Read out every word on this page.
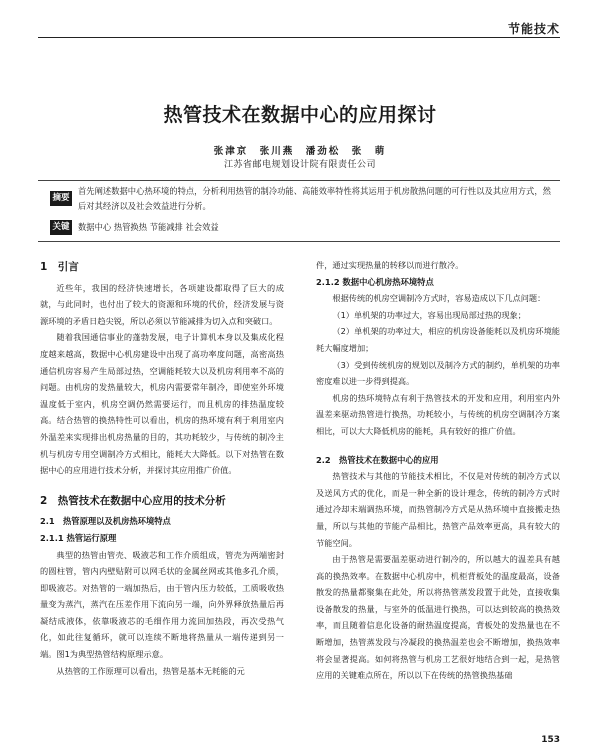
节能技术
热管技术在数据中心的应用探讨
张津京　张川燕　潘劲松　张　萌
江苏省邮电规划设计院有限责任公司
摘要
首先阐述数据中心热环境的特点，分析利用热管的制冷功能、高能效率特性将其运用于机房散热问题的可行性以及其应用方式，然后对其经济以及社会效益进行分析。
关键词
数据中心 热管换热 节能减排 社会效益
1　引言
近些年，我国的经济快速增长，各项建设都取得了巨大的成就，与此同时，也付出了较大的资源和环境的代价，经济发展与资源环境的矛盾日趋尖锐，所以必须以节能减排为切入点和突破口。
随着我国通信事业的蓬勃发展，电子计算机本身以及集成化程度越来越高，数据中心机房建设中出现了高功率度问题，高密高热通信机房容易产生局部过热，空调能耗较大以及机房利用率不高的问题。由机房的发热量较大，机房内需要常年制冷，即使室外环境温度低于室内，机房空调仍然需要运行，而且机房的排热温度较高。结合热管的换热特性可以看出，机房的热环境有利于利用室内外温差来实现排出机房热量的目的，其功耗较少，与传统的制冷主机与机房专用空调制冷方式相比，能耗大大降低。以下对热管在数据中心的应用进行技术分析，并探讨其应用推广价值。
2　热管技术在数据中心应用的技术分析
2.1　热管原理以及机房热环境特点
2.1.1 热管运行原理
典型的热管由管壳、吸液芯和工作介质组成，管壳为两端密封的圆柱管，管内内壁贴附可以网毛状的金属丝网或其他多孔介质，即吸液芯。对热管的一端加热后，由于管内压力较低，工质吸收热量变为蒸汽，蒸汽在压差作用下流向另一端，向外界释放热量后再凝结成液体，依靠吸液芯的毛细作用力流回加热段，再次受热气化，如此往复循环，就可以连续不断地将热量从一端传递到另一端。图1为典型热管结构原理示意。
从热管的工作原理可以看出，热管是基本无耗能的元
件，通过实现热量的转移以而进行散冷。
2.1.2 数据中心机房热环境特点
根据传统的机房空调制冷方式时，容易造成以下几点问题：
（1）单机架的功率过大，容易出现局部过热的现象；
（2）单机架的功率过大，相应的机房设备能耗以及机房环境能耗大幅度增加；
（3）受到传统机房的规划以及制冷方式的制约，单机架的功率密度难以进一步得到提高。
机房的热环境特点有利于热管技术的开发和应用，利用室内外温差来驱动热管进行换热，功耗较小，与传统的机房空调制冷方案相比，可以大大降低机房的能耗，具有较好的推广价值。
2.2　热管技术在数据中心的应用
热管技术与其他的节能技术相比，不仅是对传统的制冷方式以及送风方式的优化，而是一种全新的设计理念，传统的制冷方式时通过冷却末端调热环境，而热管制冷方式是从热环境中直接搬走热量，所以与其他的节能产品相比，热管产品效率更高，具有较大的节能空间。
由于热管是需要温差驱动进行制冷的，所以越大的温差具有越高的换热效率。在数据中心机房中，机柜背板处的温度最高，设备散发的热量都聚集在此处，所以将热管蒸发段置于此处，直接收集设备散发的热量，与室外的低温进行换热，可以达到较高的换热效率，而且随着信息化设备的耐热温度提高，背板处的发热量也在不断增加，热管蒸发段与冷凝段的换热温差也会不断增加，换热效率将会显著提高。如何将热管与机房工艺很好地结合到一起，是热管应用的关键难点所在，所以以下在传统的热管换热基础
153
